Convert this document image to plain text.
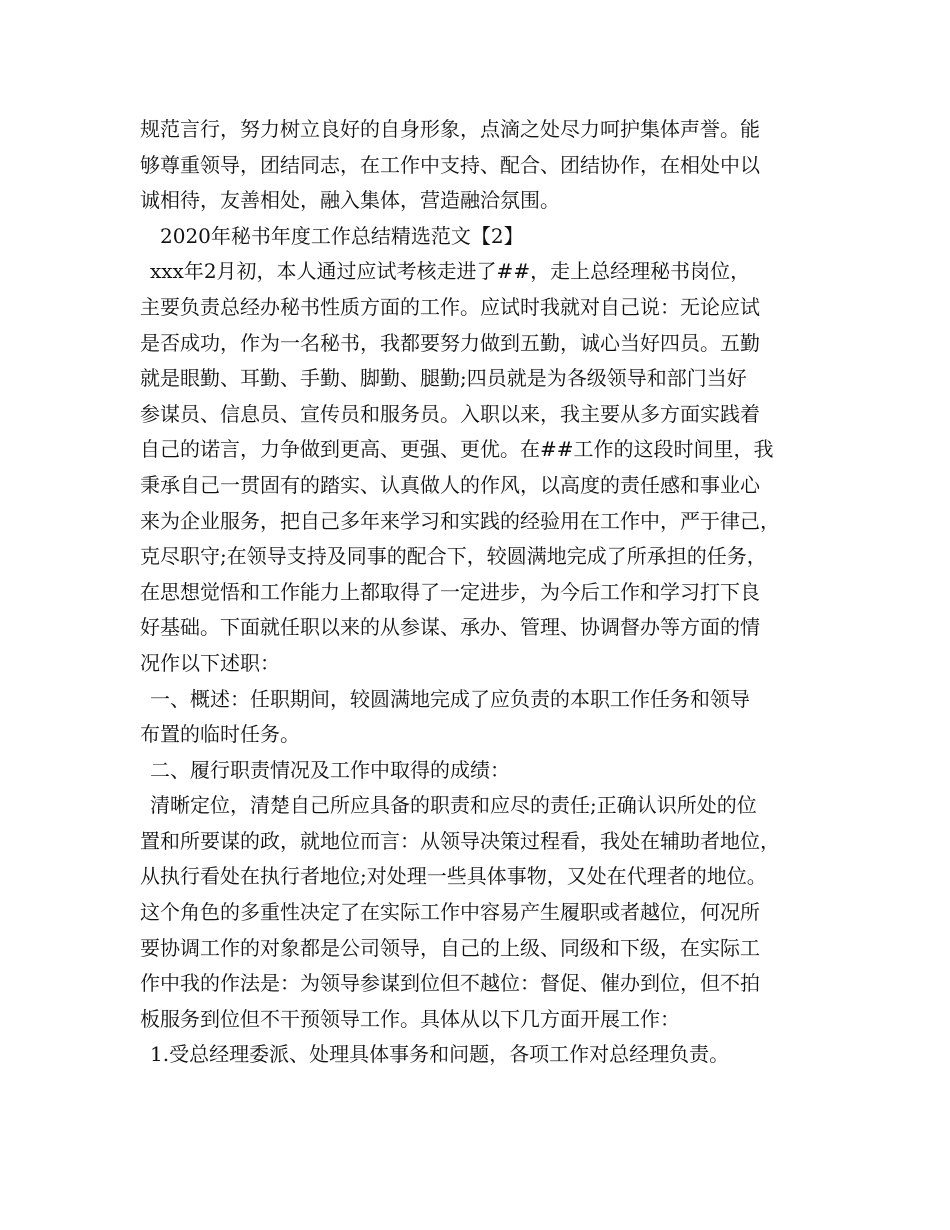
规范言行，努力树立良好的自身形象，点滴之处尽力呵护集体声誉。能
够尊重领导，团结同志，在工作中支持、配合、团结协作，在相处中以
诚相待，友善相处，融入集体，营造融洽氛围。
2020年秘书年度工作总结精选范文【2】
xxx年2月初，本人通过应试考核走进了##，走上总经理秘书岗位，
主要负责总经办秘书性质方面的工作。应试时我就对自己说：无论应试
是否成功，作为一名秘书，我都要努力做到五勤，诚心当好四员。五勤
就是眼勤、耳勤、手勤、脚勤、腿勤;四员就是为各级领导和部门当好
参谋员、信息员、宣传员和服务员。入职以来，我主要从多方面实践着
自己的诺言，力争做到更高、更强、更优。在##工作的这段时间里，我
秉承自己一贯固有的踏实、认真做人的作风，以高度的责任感和事业心
来为企业服务，把自己多年来学习和实践的经验用在工作中，严于律己，
克尽职守;在领导支持及同事的配合下，较圆满地完成了所承担的任务，
在思想觉悟和工作能力上都取得了一定进步，为今后工作和学习打下良
好基础。下面就任职以来的从参谋、承办、管理、协调督办等方面的情
况作以下述职：
一、概述：任职期间，较圆满地完成了应负责的本职工作任务和领导
布置的临时任务。
二、履行职责情况及工作中取得的成绩：
清晰定位，清楚自己所应具备的职责和应尽的责任;正确认识所处的位
置和所要谋的政，就地位而言：从领导决策过程看，我处在辅助者地位，
从执行看处在执行者地位;对处理一些具体事物，又处在代理者的地位。
这个角色的多重性决定了在实际工作中容易产生履职或者越位，何况所
要协调工作的对象都是公司领导，自己的上级、同级和下级，在实际工
作中我的作法是：为领导参谋到位但不越位：督促、催办到位，但不拍
板服务到位但不干预领导工作。具体从以下几方面开展工作：
1.受总经理委派、处理具体事务和问题，各项工作对总经理负责。
